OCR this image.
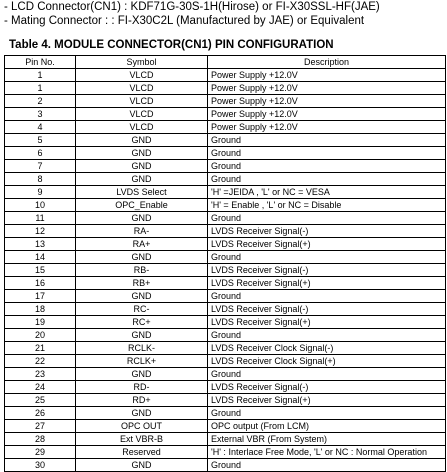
- LCD Connector(CN1) : KDF71G-30S-1H(Hirose) or FI-X30SSL-HF(JAE)
- Mating Connector : : FI-X30C2L (Manufactured by JAE) or Equivalent
Table 4. MODULE CONNECTOR(CN1) PIN CONFIGURATION
Pin No.	Symbol	Description
1	VLCD	Power Supply +12.0V
1	VLCD	Power Supply +12.0V
2	VLCD	Power Supply +12.0V
3	VLCD	Power Supply +12.0V
4	VLCD	Power Supply +12.0V
5	GND	Ground
6	GND	Ground
7	GND	Ground
8	GND	Ground
9	LVDS Select	'H' =JEIDA , 'L' or NC = VESA
10	OPC_Enable	'H' = Enable , 'L' or NC = Disable
11	GND	Ground
12	RA-	LVDS Receiver Signal(-)
13	RA+	LVDS Receiver Signal(+)
14	GND	Ground
15	RB-	LVDS Receiver Signal(-)
16	RB+	LVDS Receiver Signal(+)
17	GND	Ground
18	RC-	LVDS Receiver Signal(-)
19	RC+	LVDS Receiver Signal(+)
20	GND	Ground
21	RCLK-	LVDS Receiver Clock Signal(-)
22	RCLK+	LVDS Receiver Clock Signal(+)
23	GND	Ground
24	RD-	LVDS Receiver Signal(-)
25	RD+	LVDS Receiver Signal(+)
26	GND	Ground
27	OPC OUT	OPC output (From LCM)
28	Ext VBR-B	External VBR (From System)
29	Reserved	'H' : Interlace Free Mode, 'L' or NC : Normal Operation
30	GND	Ground
